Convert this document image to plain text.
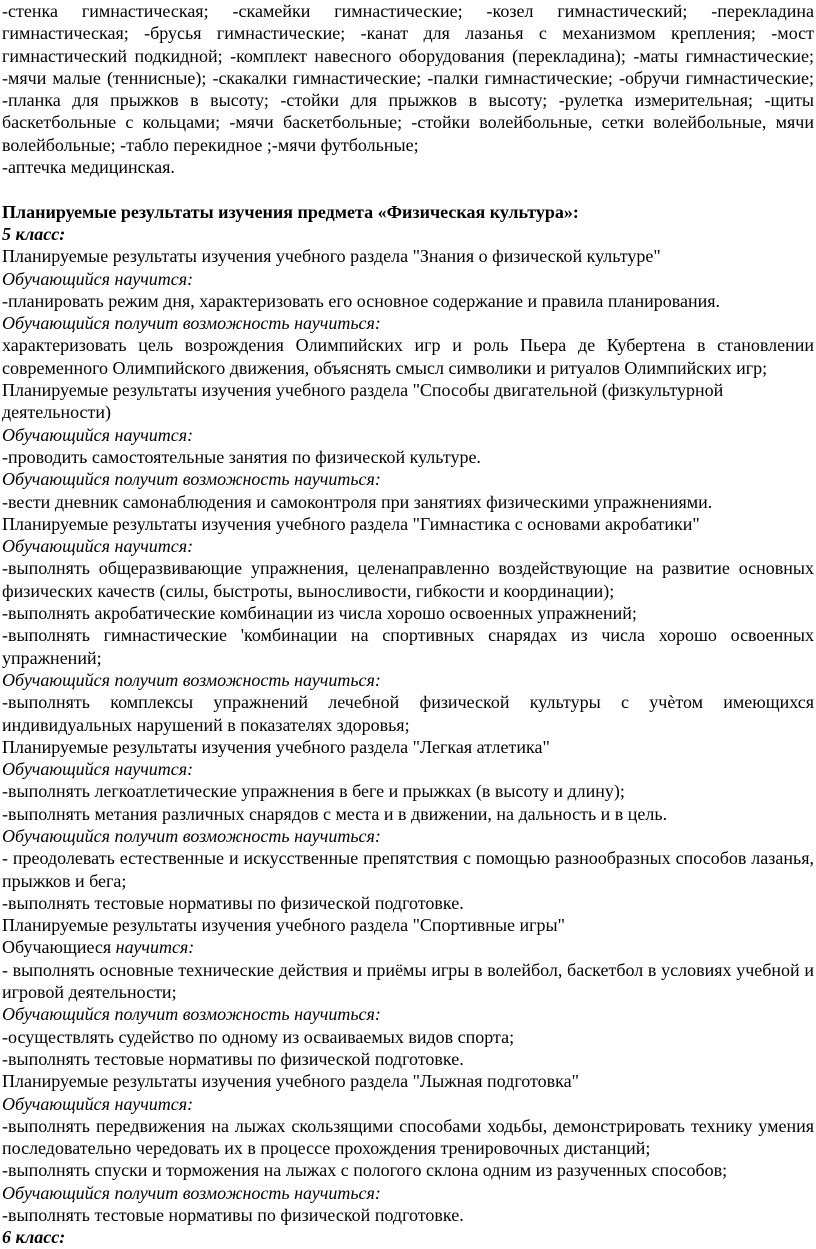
-стенка гимнастическая; -скамейки гимнастические; -козел гимнастический; -перекладина гимнастическая; -брусья гимнастические; -канат для лазанья с механизмом крепления; -мост гимнастический подкидной; -комплект навесного оборудования (перекладина); -маты гимнастические; -мячи малые (теннисные); -скакалки гимнастические; -палки гимнастические; -обручи гимнастические; -планка для прыжков в высоту; -стойки для прыжков в высоту; -рулетка измерительная; -щиты баскетбольные с кольцами; -мячи баскетбольные; -стойки волейбольные, сетки волейбольные, мячи волейбольные; -табло перекидное ;-мячи футбольные;

-аптечка медицинская.

Планируемые результаты изучения предмета «Физическая культура»:

5 класс:

Планируемые результаты изучения учебного раздела "Знания о физической культуре"

Обучающийся научится:

-планировать режим дня, характеризовать его основное содержание и правила планирования.

Обучающийся получит возможность научиться:

характеризовать цель возрождения Олимпийских игр и роль Пьера де Кубертена в становлении современного Олимпийского движения, объяснять смысл символики и ритуалов Олимпийских игр;

Планируемые результаты изучения учебного раздела "Способы двигательной (физкультурной деятельности)

Обучающийся научится:

-проводить самостоятельные занятия по физической культуре.

Обучающийся получит возможность научиться:

-вести дневник самонаблюдения и самоконтроля при занятиях физическими упражнениями.

Планируемые результаты изучения учебного раздела "Гимнастика с основами акробатики"

Обучающийся научится:

-выполнять общеразвивающие упражнения, целенаправленно воздействующие на развитие основных физических качеств (силы, быстроты, выносливости, гибкости и координации);

-выполнять акробатические комбинации из числа хорошо освоенных упражнений;

-выполнять гимнастические 'комбинации на спортивных снарядах из числа хорошо освоенных упражнений;

Обучающийся получит возможность научиться:

-выполнять комплексы упражнений лечебной физической культуры с учѐтом имеющихся индивидуальных нарушений в показателях здоровья;

Планируемые результаты изучения учебного раздела "Легкая атлетика"

Обучающийся научится:

-выполнять легкоатлетические упражнения в беге и прыжках (в высоту и длину);

-выполнять метания различных снарядов с места и в движении, на дальность и в цель.

Обучающийся получит возможность научиться:

- преодолевать естественные и искусственные препятствия с помощью разнообразных способов лазанья, прыжков и бега;

-выполнять тестовые нормативы по физической подготовке.

Планируемые результаты изучения учебного раздела "Спортивные игры"

Обучающиеся научится:

- выполнять основные технические действия и приёмы игры в волейбол, баскетбол в условиях учебной и игровой деятельности;

Обучающийся получит возможность научиться:

-осуществлять судейство по одному из осваиваемых видов спорта;

-выполнять тестовые нормативы по физической подготовке.

Планируемые результаты изучения учебного раздела "Лыжная подготовка"

Обучающийся научится:

-выполнять передвижения на лыжах скользящими способами ходьбы, демонстрировать технику умения последовательно чередовать их в процессе прохождения тренировочных дистанций;

-выполнять спуски и торможения на лыжах с пологого склона одним из разученных способов;

Обучающийся получит возможность научиться:

-выполнять тестовые нормативы по физической подготовке.

6 класс:
